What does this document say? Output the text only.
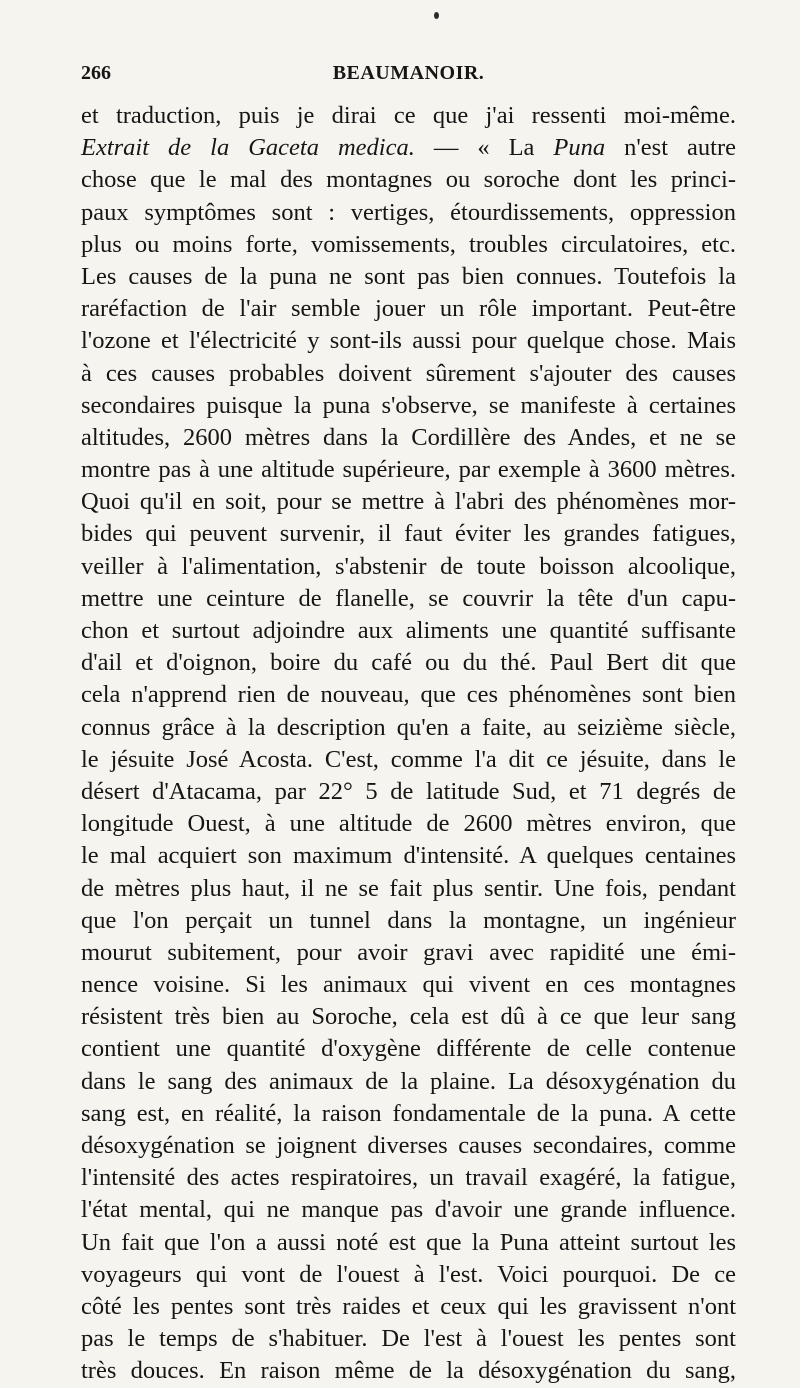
266	BEAUMANOIR.
et traduction, puis je dirai ce que j'ai ressenti moi-même.
Extrait de la Gaceta medica. — « La Puna n'est autre
chose que le mal des montagnes ou soroche dont les princi-
paux symptômes sont : vertiges, étourdissements, oppression
plus ou moins forte, vomissements, troubles circulatoires, etc.
Les causes de la puna ne sont pas bien connues. Toutefois la
raréfaction de l'air semble jouer un rôle important. Peut-être
l'ozone et l'électricité y sont-ils aussi pour quelque chose. Mais
à ces causes probables doivent sûrement s'ajouter des causes
secondaires puisque la puna s'observe, se manifeste à certaines
altitudes, 2600 mètres dans la Cordillère des Andes, et ne se
montre pas à une altitude supérieure, par exemple à 3600 mètres.
Quoi qu'il en soit, pour se mettre à l'abri des phénomènes mor-
bides qui peuvent survenir, il faut éviter les grandes fatigues,
veiller à l'alimentation, s'abstenir de toute boisson alcoolique,
mettre une ceinture de flanelle, se couvrir la tête d'un capu-
chon et surtout adjoindre aux aliments une quantité suffisante
d'ail et d'oignon, boire du café ou du thé. Paul Bert dit que
cela n'apprend rien de nouveau, que ces phénomènes sont bien
connus grâce à la description qu'en a faite, au seizième siècle,
le jésuite José Acosta. C'est, comme l'a dit ce jésuite, dans le
désert d'Atacama, par 22° 5 de latitude Sud, et 71 degrés de
longitude Ouest, à une altitude de 2600 mètres environ, que
le mal acquiert son maximum d'intensité. A quelques centaines
de mètres plus haut, il ne se fait plus sentir. Une fois, pendant
que l'on perçait un tunnel dans la montagne, un ingénieur
mourut subitement, pour avoir gravi avec rapidité une émi-
nence voisine. Si les animaux qui vivent en ces montagnes
résistent très bien au Soroche, cela est dû à ce que leur sang
contient une quantité d'oxygène différente de celle contenue
dans le sang des animaux de la plaine. La désoxygénation du
sang est, en réalité, la raison fondamentale de la puna. A cette
désoxygénation se joignent diverses causes secondaires, comme
l'intensité des actes respiratoires, un travail exagéré, la fatigue,
l'état mental, qui ne manque pas d'avoir une grande influence.
Un fait que l'on a aussi noté est que la Puna atteint surtout les
voyageurs qui vont de l'ouest à l'est. Voici pourquoi. De ce
côté les pentes sont très raides et ceux qui les gravissent n'ont
pas le temps de s'habituer. De l'est à l'ouest les pentes sont
très douces. En raison même de la désoxygénation du sang,
